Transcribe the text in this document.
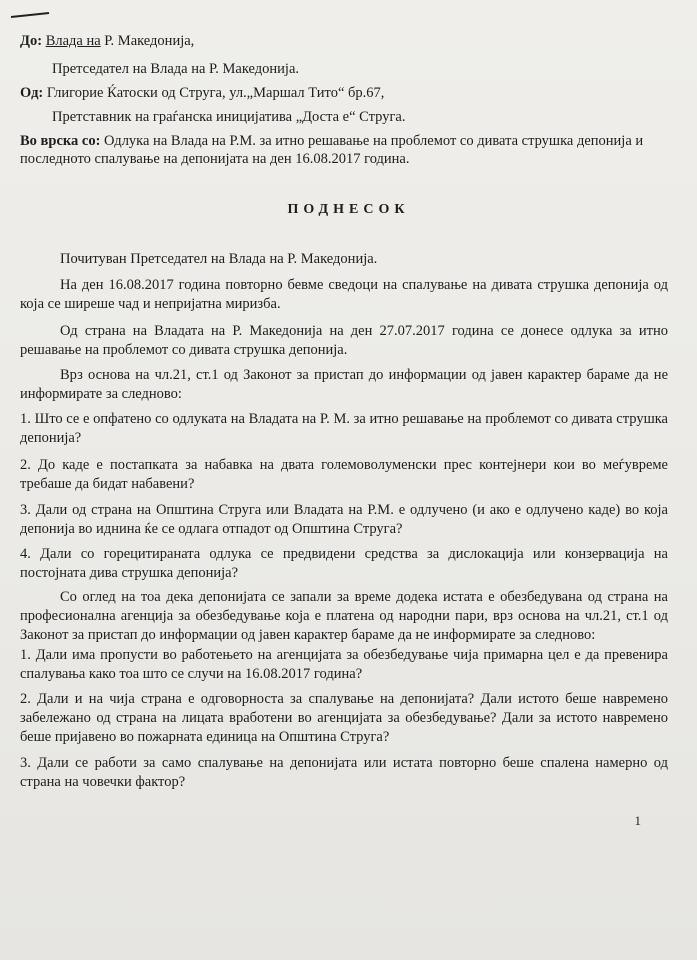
До: Влада на Р. Македонија,
Претседател на Влада на Р. Македонија.
Од: Глигорие Ќатоски од Струга, ул.„Маршал Тито“ бр.67,
Претставник на граѓанска иницијатива „Доста е“ Струга.
Во врска со: Одлука на Влада на Р.М. за итно решавање на проблемот со дивата струшка депонија и
последното спалување на депонијата на ден 16.08.2017 година.
ПОДНЕСОК
Почитуван Претседател на Влада на Р. Македонија.
На ден 16.08.2017 година повторно бевме сведоци на спалување на дивата струшка депонија од која се ширеше чад и непријатна миризба.
Од страна на Владата на Р. Македонија на ден 27.07.2017 година се донесе одлука за итно решавање на проблемот со дивата струшка депонија.
Врз основа на чл.21, ст.1 од Законот за пристап до информации од јавен карактер бараме да не информирате за следново:
1. Што се е опфатено со одлуката на Владата на Р. М. за итно решавање на проблемот со дивата струшка депонија?
2. До каде е постапката за набавка на двата големоволуменски прес контејнери кои во меѓувреме требаше да бидат набавени?
3. Дали од страна на Општина Струга или Владата на Р.М. е одлучено (и ако е одлучено каде) во која депонија во иднина ќе се одлага отпадот од Општина Струга?
4. Дали со горецитираната одлука се предвидени средства за дислокација или конзервација на постојната дива струшка депонија?
Со оглед на тоа дека депонијата се запали за време додека истата е обезбедувана од страна на професионална агенција за обезбедување која е платена од народни пари, врз основа на чл.21, ст.1 од Законот за пристап до информации од јавен карактер бараме да не информирате за следново:
1. Дали има пропусти во работењето на агенцијата за обезбедување чија примарна цел е да превенира спалувања како тоа што се случи на 16.08.2017 година?
2. Дали и на чија страна е одговорноста за спалување на депонијата? Дали истото беше навремено забележано од страна на лицата вработени во агенцијата за обезбедување? Дали за истото навремено беше пријавено во пожарната единица на Општина Струга?
3. Дали се работи за само спалување на депонијата или истата повторно беше спалена намерно од страна на човечки фактор?
1
